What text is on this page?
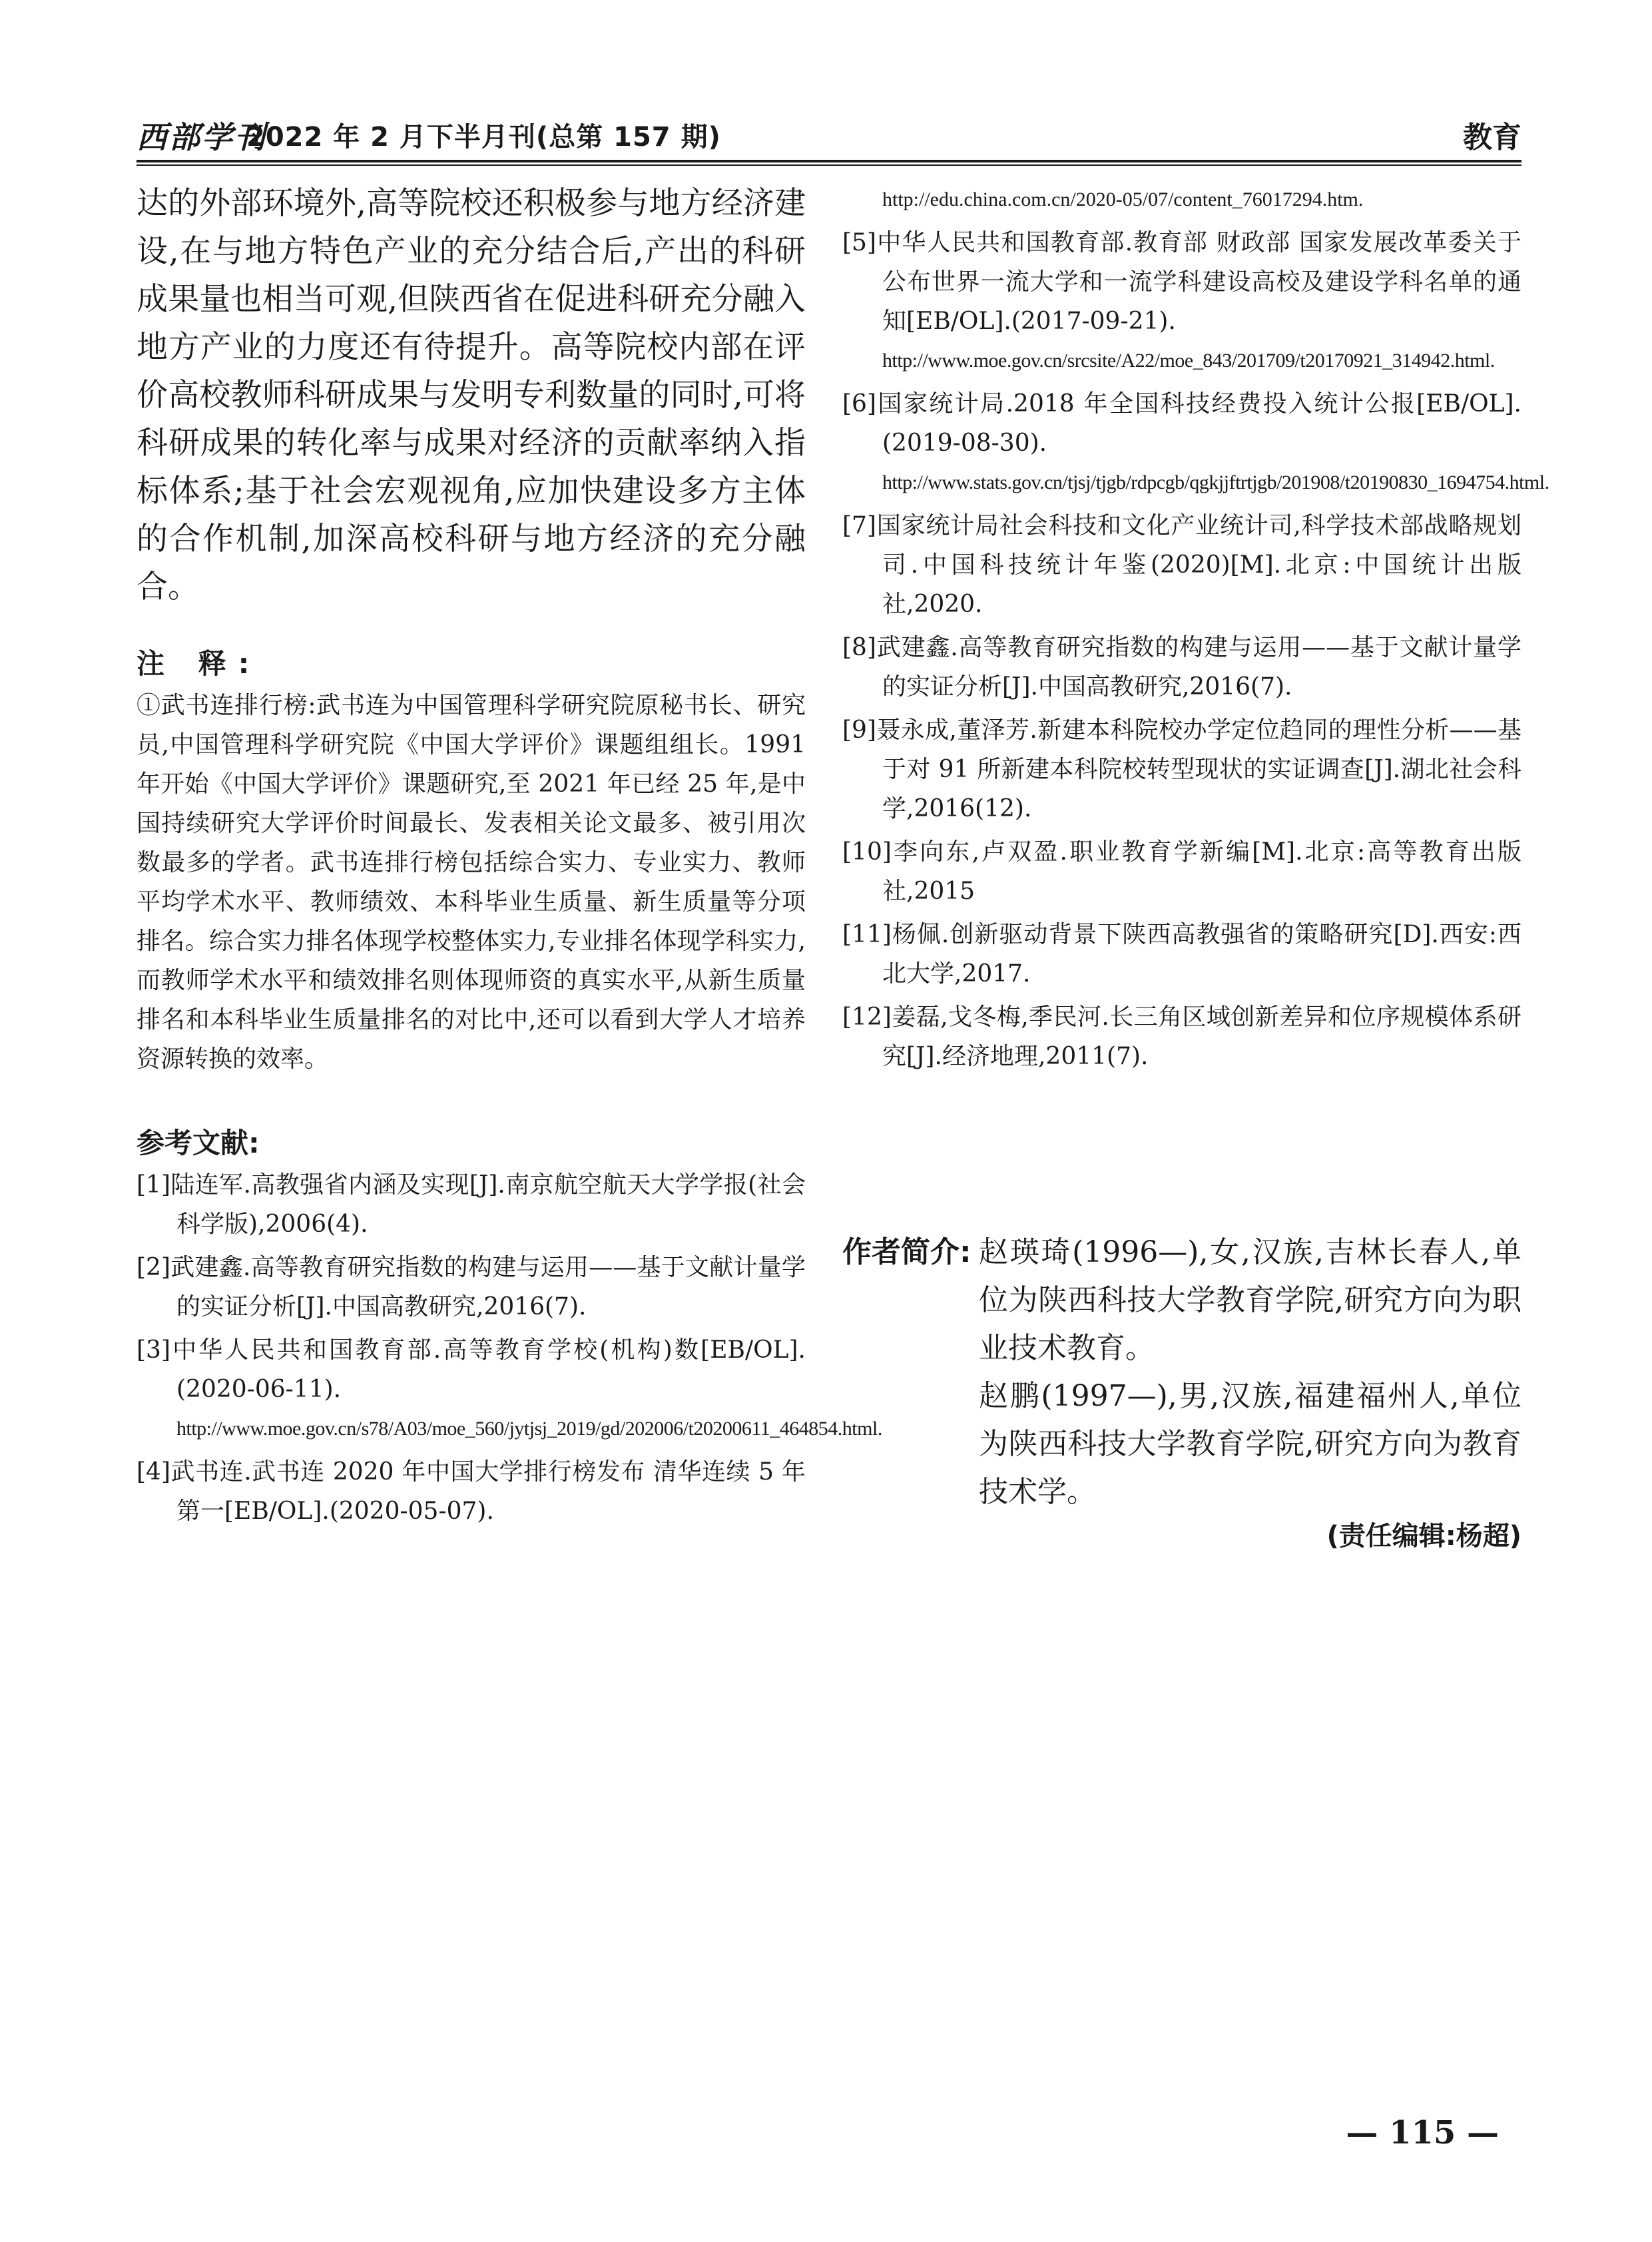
西部学刊
2022 年 2 月下半月刊(总第 157 期)	教育

达的外部环境外,高等院校还积极参与地方经济建设,在与地方特色产业的充分结合后,产出的科研成果量也相当可观,但陕西省在促进科研充分融入地方产业的力度还有待提升。高等院校内部在评价高校教师科研成果与发明专利数量的同时,可将科研成果的转化率与成果对经济的贡献率纳入指标体系;基于社会宏观视角,应加快建设多方主体的合作机制,加深高校科研与地方经济的充分融合。

注 释:

①武书连排行榜:武书连为中国管理科学研究院原秘书长、研究员,中国管理科学研究院《中国大学评价》课题组组长。1991 年开始《中国大学评价》课题研究,至 2021 年已经 25 年,是中国持续研究大学评价时间最长、发表相关论文最多、被引用次数最多的学者。武书连排行榜包括综合实力、专业实力、教师平均学术水平、教师绩效、本科毕业生质量、新生质量等分项排名。综合实力排名体现学校整体实力,专业排名体现学科实力,而教师学术水平和绩效排名则体现师资的真实水平,从新生质量排名和本科毕业生质量排名的对比中,还可以看到大学人才培养资源转换的效率。

参考文献:
[1]陆连军.高教强省内涵及实现[J].南京航空航天大学学报(社会科学版),2006(4).
[2]武建鑫.高等教育研究指数的构建与运用——基于文献计量学的实证分析[J].中国高教研究,2016(7).
[3]中华人民共和国教育部.高等教育学校(机构)数[EB/OL].(2020-06-11).
http://www.moe.gov.cn/s78/A03/moe_560/jytjsj_2019/gd/202006/t20200611_464854.html.
[4]武书连.武书连 2020 年中国大学排行榜发布 清华连续 5 年第一[EB/OL].(2020-05-07).
http://edu.china.com.cn/2020-05/07/content_76017294.htm.
[5]中华人民共和国教育部.教育部 财政部 国家发展改革委关于公布世界一流大学和一流学科建设高校及建设学科名单的通知[EB/OL].(2017-09-21).
http://www.moe.gov.cn/srcsite/A22/moe_843/201709/t20170921_314942.html.
[6]国家统计局.2018 年全国科技经费投入统计公报[EB/OL].(2019-08-30).
http://www.stats.gov.cn/tjsj/tjgb/rdpcgb/qgkjjftrtjgb/201908/t20190830_1694754.html.
[7]国家统计局社会科技和文化产业统计司,科学技术部战略规划司.中国科技统计年鉴(2020)[M].北京:中国统计出版社,2020.
[8]武建鑫.高等教育研究指数的构建与运用——基于文献计量学的实证分析[J].中国高教研究,2016(7).
[9]聂永成,董泽芳.新建本科院校办学定位趋同的理性分析——基于对 91 所新建本科院校转型现状的实证调查[J].湖北社会科学,2016(12).
[10]李向东,卢双盈.职业教育学新编[M].北京:高等教育出版社,2015
[11]杨佩.创新驱动背景下陕西高教强省的策略研究[D].西安:西北大学,2017.
[12]姜磊,戈冬梅,季民河.长三角区域创新差异和位序规模体系研究[J].经济地理,2011(7).
作者简介: 赵瑛琦(1996—),女,汉族,吉林长春人,单位为陕西科技大学教育学院,研究方向为职业技术教育。

赵鹏(1997—),男,汉族,福建福州人,单位为陕西科技大学教育学院,研究方向为教育技术学。

(责任编辑:杨超)
— 115 —
